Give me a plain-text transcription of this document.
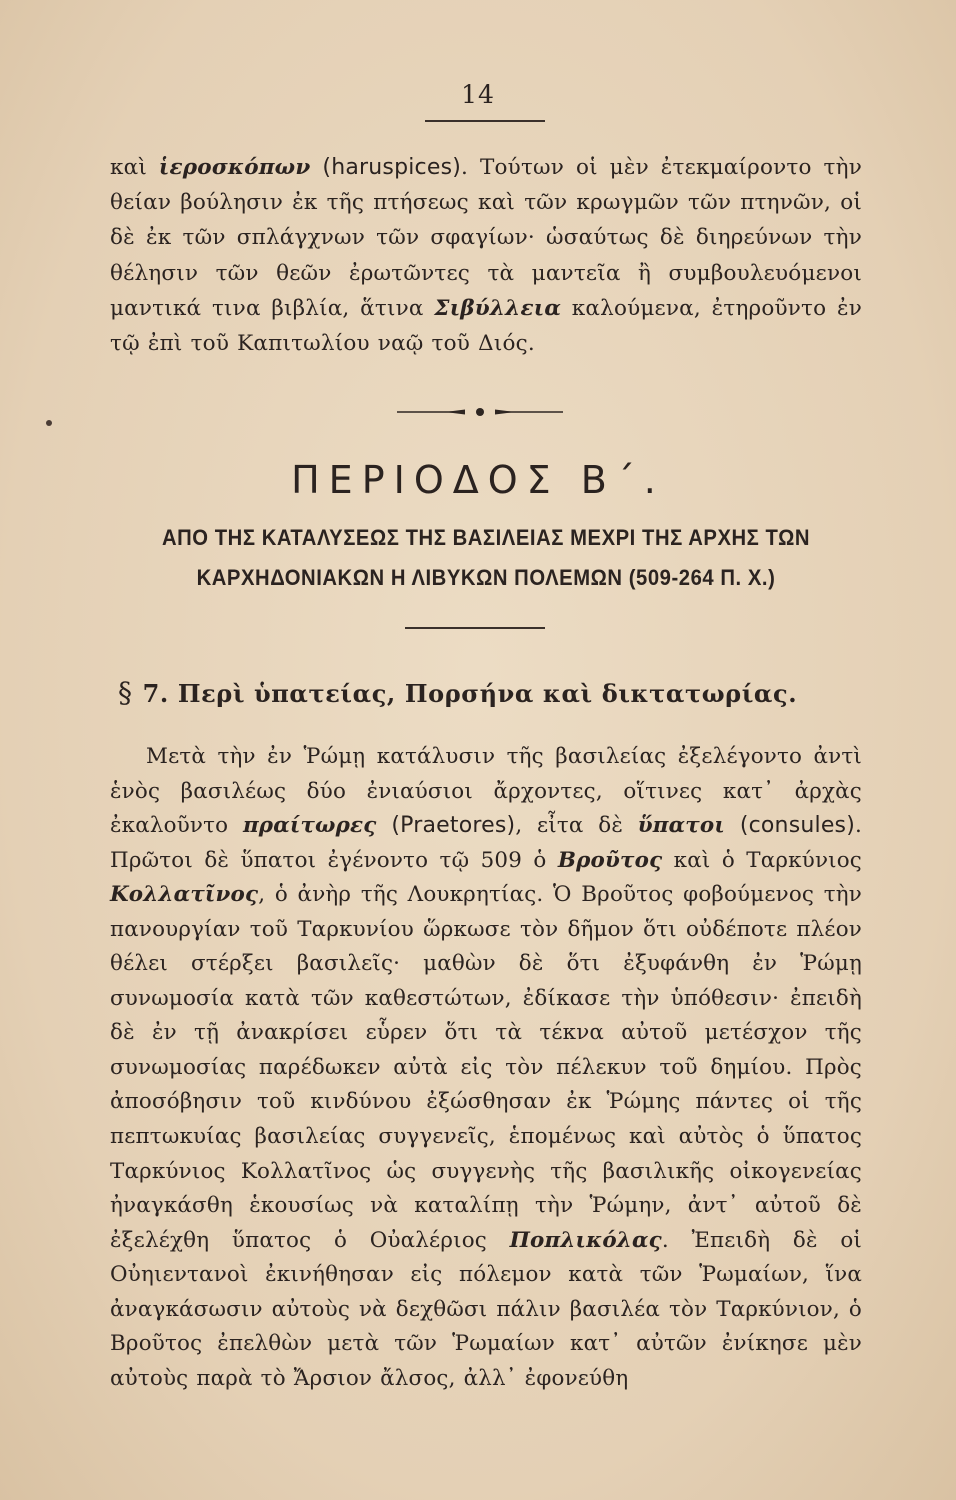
14

καὶ ἱεροσκόπων (haruspices). Τούτων οἱ μὲν ἐτεκμαίροντο τὴν θείαν βούλησιν ἐκ τῆς πτήσεως καὶ τῶν κρωγμῶν τῶν πτηνῶν, οἱ δὲ ἐκ τῶν σπλάγχνων τῶν σφαγίων· ὡσαύτως δὲ διηρεύνων τὴν θέλησιν τῶν θεῶν ἐρωτῶντες τὰ μαντεῖα ἢ συμβουλευόμενοι μαντικά τινα βιβλία, ἅτινα Σιβύλλεια καλούμενα, ἐτηροῦντο ἐν τῷ ἐπὶ τοῦ Καπιτωλίου ναῷ τοῦ Διός.

ΠΕΡΙΟΔΟΣ Β΄.

ΑΠΟ ΤΗΣ ΚΑΤΑΛΥΣΕΩΣ ΤΗΣ ΒΑΣΙΛΕΙΑΣ ΜΕΧΡΙ ΤΗΣ ΑΡΧΗΣ ΤΩΝ

ΚΑΡΧΗΔΟΝΙΑΚΩΝ Η ΛΙΒΥΚΩΝ ΠΟΛΕΜΩΝ (509-264 Π. Χ.)

§ 7. Περὶ ὑπατείας, Πορσήνα καὶ δικτατωρίας.

Μετὰ τὴν ἐν Ῥώμῃ κατάλυσιν τῆς βασιλείας ἐξελέγοντο ἀντὶ ἑνὸς βασιλέως δύο ἐνιαύσιοι ἄρχοντες, οἵτινες κατ᾽ ἀρχὰς ἐκαλοῦντο πραίτωρες (Praetores), εἶτα δὲ ὕπατοι (consules). Πρῶτοι δὲ ὕπατοι ἐγένοντο τῷ 509 ὁ Βροῦτος καὶ ὁ Ταρκύνιος Κολλατῖνος, ὁ ἀνὴρ τῆς Λουκρητίας. Ὁ Βροῦτος φοβούμενος τὴν πανουργίαν τοῦ Ταρκυνίου ὥρκωσε τὸν δῆμον ὅτι οὐδέποτε πλέον θέλει στέρξει βασιλεῖς· μαθὼν δὲ ὅτι ἐξυφάνθη ἐν Ῥώμῃ συνωμοσία κατὰ τῶν καθεστώτων, ἐδίκασε τὴν ὑπόθεσιν· ἐπειδὴ δὲ ἐν τῇ ἀνακρίσει εὗρεν ὅτι τὰ τέκνα αὐτοῦ μετέσχον τῆς συνωμοσίας παρέδωκεν αὐτὰ εἰς τὸν πέλεκυν τοῦ δημίου. Πρὸς ἀποσόβησιν τοῦ κινδύνου ἐξώσθησαν ἐκ Ῥώμης πάντες οἱ τῆς πεπτωκυίας βασιλείας συγγενεῖς, ἑπομένως καὶ αὐτὸς ὁ ὕπατος Ταρκύνιος Κολλατῖνος ὡς συγγενὴς τῆς βασιλικῆς οἰκογενείας ἠναγκάσθη ἑκουσίως νὰ καταλίπῃ τὴν Ῥώμην, ἀντ᾽ αὐτοῦ δὲ ἐξελέχθη ὕπατος ὁ Οὐαλέριος Ποπλικόλας. Ἐπειδὴ δὲ οἱ Οὐηιεντανοὶ ἐκινήθησαν εἰς πόλεμον κατὰ τῶν Ῥωμαίων, ἵνα ἀναγκάσωσιν αὐτοὺς νὰ δεχθῶσι πάλιν βασιλέα τὸν Ταρκύνιον, ὁ Βροῦτος ἐπελθὼν μετὰ τῶν Ῥωμαίων κατ᾽ αὐτῶν ἐνίκησε μὲν αὐτοὺς παρὰ τὸ Ἄρσιον ἄλσος, ἀλλ᾽ ἐφονεύθη
